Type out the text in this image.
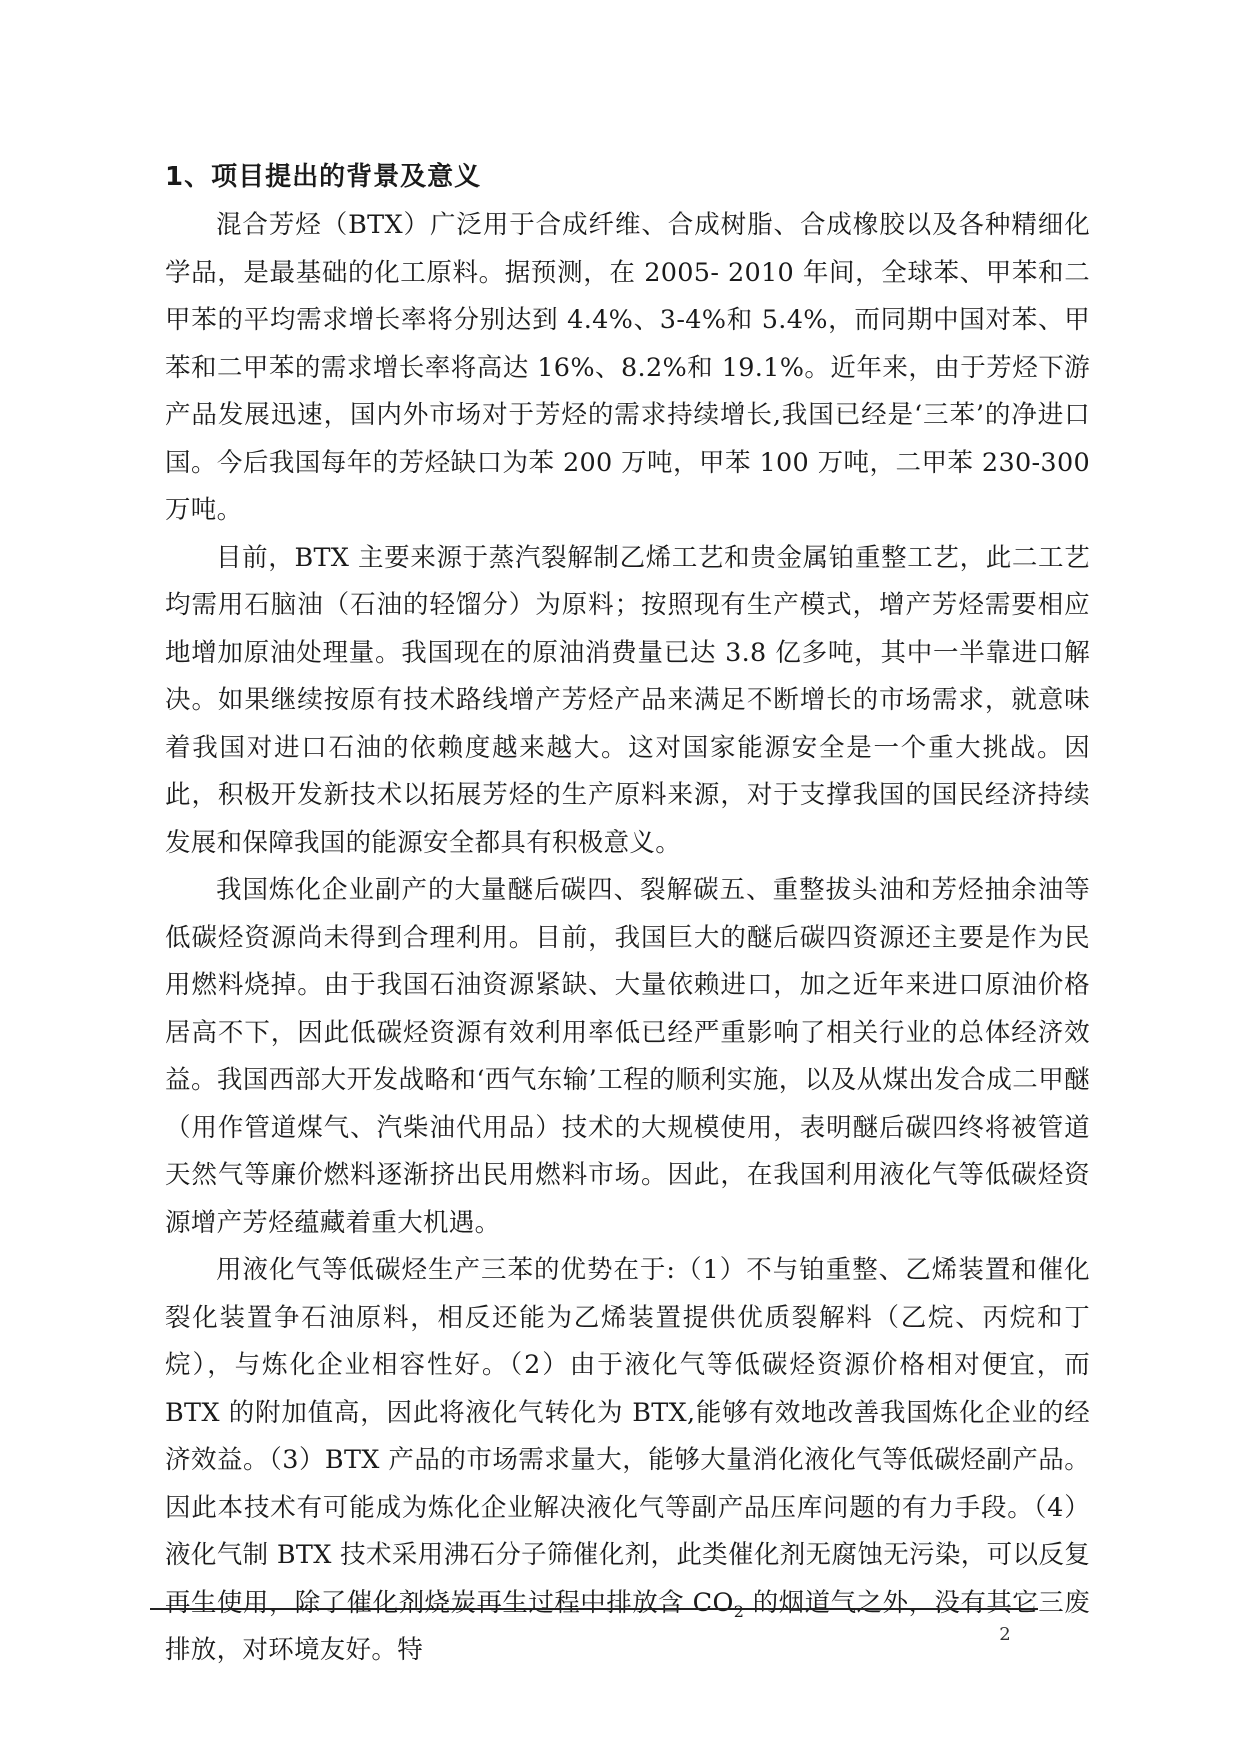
1、项目提出的背景及意义

混合芳烃（BTX）广泛用于合成纤维、合成树脂、合成橡胶以及各种精细化学品，是最基础的化工原料。据预测，在 2005- 2010 年间，全球苯、甲苯和二甲苯的平均需求增长率将分别达到 4.4%、3-4%和 5.4%，而同期中国对苯、甲苯和二甲苯的需求增长率将高达 16%、8.2%和 19.1%。近年来，由于芳烃下游产品发展迅速，国内外市场对于芳烃的需求持续增长,我国已经是‘三苯’的净进口国。今后我国每年的芳烃缺口为苯 200 万吨，甲苯 100 万吨，二甲苯 230-300 万吨。

目前，BTX 主要来源于蒸汽裂解制乙烯工艺和贵金属铂重整工艺，此二工艺均需用石脑油（石油的轻馏分）为原料；按照现有生产模式，增产芳烃需要相应地增加原油处理量。我国现在的原油消费量已达 3.8 亿多吨，其中一半靠进口解决。如果继续按原有技术路线增产芳烃产品来满足不断增长的市场需求，就意味着我国对进口石油的依赖度越来越大。这对国家能源安全是一个重大挑战。因此，积极开发新技术以拓展芳烃的生产原料来源，对于支撑我国的国民经济持续发展和保障我国的能源安全都具有积极意义。

我国炼化企业副产的大量醚后碳四、裂解碳五、重整拔头油和芳烃抽余油等低碳烃资源尚未得到合理利用。目前，我国巨大的醚后碳四资源还主要是作为民用燃料烧掉。由于我国石油资源紧缺、大量依赖进口，加之近年来进口原油价格居高不下，因此低碳烃资源有效利用率低已经严重影响了相关行业的总体经济效益。我国西部大开发战略和‘西气东输’工程的顺利实施，以及从煤出发合成二甲醚（用作管道煤气、汽柴油代用品）技术的大规模使用，表明醚后碳四终将被管道天然气等廉价燃料逐渐挤出民用燃料市场。因此，在我国利用液化气等低碳烃资源增产芳烃蕴藏着重大机遇。

用液化气等低碳烃生产三苯的优势在于:（1）不与铂重整、乙烯装置和催化裂化装置争石油原料，相反还能为乙烯装置提供优质裂解料（乙烷、丙烷和丁烷），与炼化企业相容性好。（2）由于液化气等低碳烃资源价格相对便宜，而 BTX 的附加值高，因此将液化气转化为 BTX,能够有效地改善我国炼化企业的经济效益。（3）BTX 产品的市场需求量大，能够大量消化液化气等低碳烃副产品。因此本技术有可能成为炼化企业解决液化气等副产品压库问题的有力手段。（4）液化气制 BTX 技术采用沸石分子筛催化剂，此类催化剂无腐蚀无污染，可以反复再生使用，除了催化剂烧炭再生过程中排放含 $CO_2$ 的烟道气之外，没有其它三废排放，对环境友好。特

2
